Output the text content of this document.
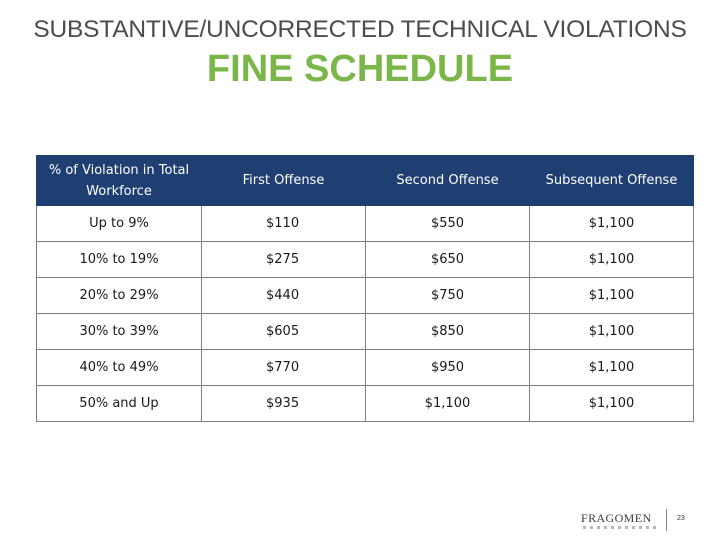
SUBSTANTIVE/UNCORRECTED TECHNICAL VIOLATIONS
FINE SCHEDULE
% of Violation in Total Workforce	First Offense	Second Offense	Subsequent Offense
Up to 9%	$110	$550	$1,100
10% to 19%	$275	$650	$1,100
20% to 29%	$440	$750	$1,100
30% to 39%	$605	$850	$1,100
40% to 49%	$770	$950	$1,100
50% and Up	$935	$1,100	$1,100
FRAGOMEN	23
